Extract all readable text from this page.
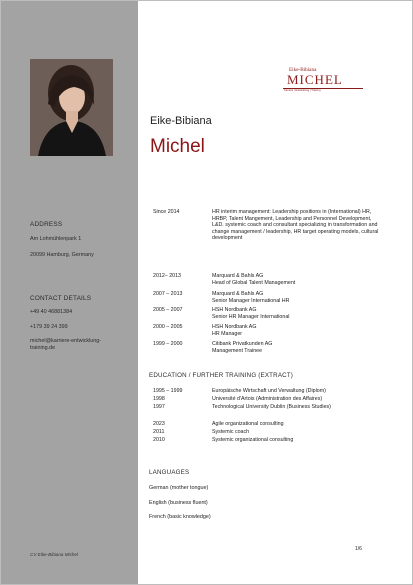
ADDRESS
Am Lohmühlenpark 1
20099 Hamburg, Germany
CONTACT DETAILS
+49 40 46881384
+179 39 24 399
michel@karriere-entwicklung-training.de
CV Eike-Bibiana Michel
Eike-Bibiana
MICHEL
Karriere | Entwicklung | Training
Eike-Bibiana
Michel
Since 2014	HR interim management: Leadership positions in (International) HR, HRBP, Talent Mangement, Leadership and Personnel Development, L&D. systemic coach and consultant specializing in transformation and change management / leadership, HR target operating models, cultural development
2012– 2013	Marquard & Bahls AG
Head of Global Talent Management
2007 – 2013	Marquard & Bahls AG
Senior Manager International HR
2005 – 2007	HSH Nordbank AG
Senior HR Manager International
2000 – 2005	HSH Nordbank AG
HR Manager
1999 – 2000	Citibank Privatkunden AG
Management Trainee
EDUCATION / FURTHER TRAINING (EXTRACT)
1995 – 1999	Europäische Wirtschaft und Verwaltung (Diplom)
1998	Université d'Artois (Administration des Affaires)
1997	Technological University Dublin (Business Studies)
2023	Agile organizational consulting
2011	Systemic coach
2010	Systemic organizational consulting
LANGUAGES
German (mother tongue)
English (business fluent)
French (basic knowledge)
1/6
